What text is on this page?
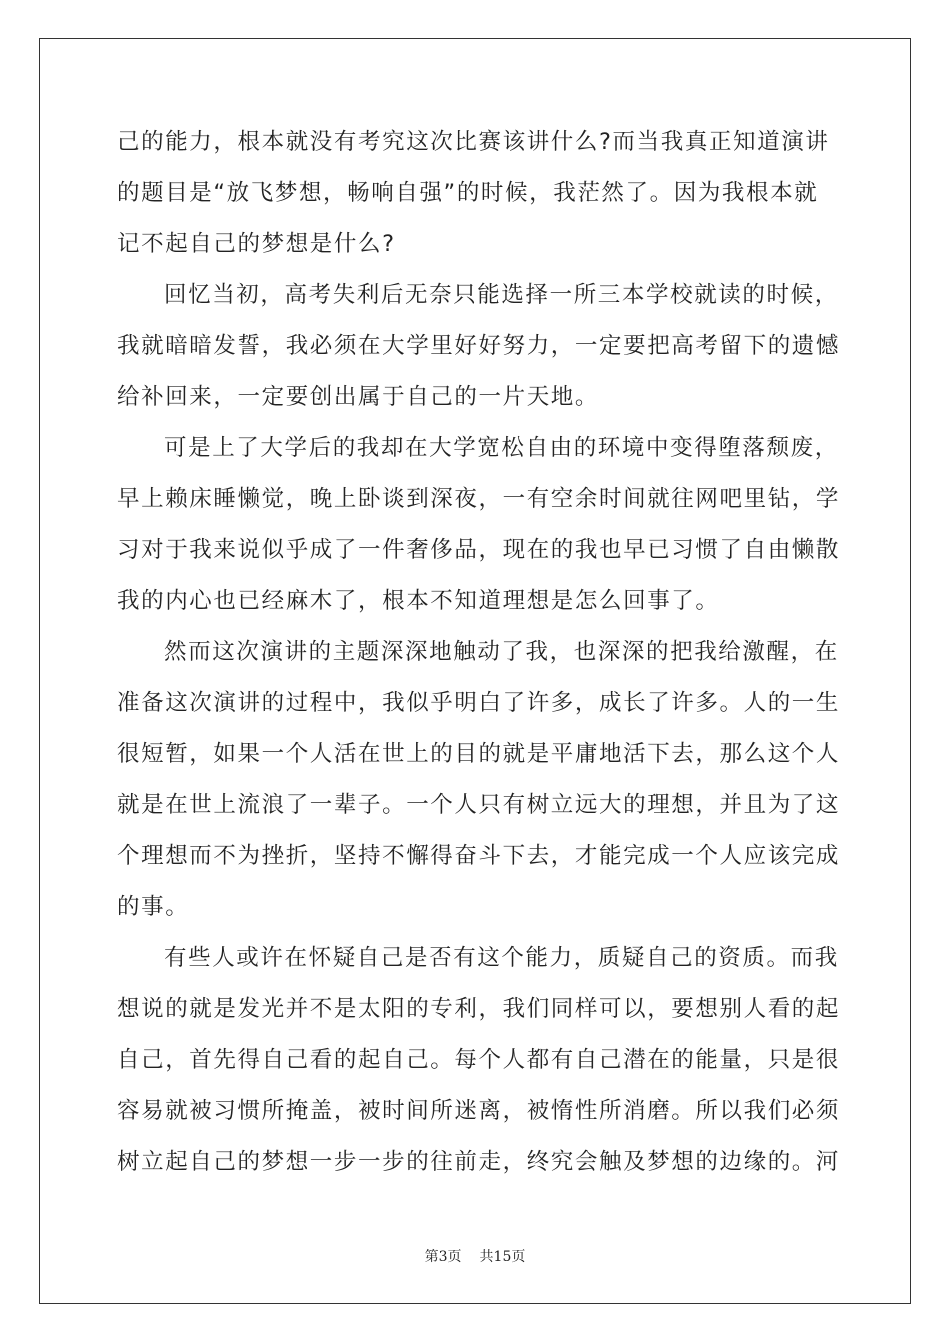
己的能力，根本就没有考究这次比赛该讲什么?而当我真正知道演讲
的题目是“放飞梦想，畅响自强”的时候，我茫然了。因为我根本就
记不起自己的梦想是什么?
回忆当初，高考失利后无奈只能选择一所三本学校就读的时候，
我就暗暗发誓，我必须在大学里好好努力，一定要把高考留下的遗憾
给补回来，一定要创出属于自己的一片天地。
可是上了大学后的我却在大学宽松自由的环境中变得堕落颓废，
早上赖床睡懒觉，晚上卧谈到深夜，一有空余时间就往网吧里钻，学
习对于我来说似乎成了一件奢侈品，现在的我也早已习惯了自由懒散
我的内心也已经麻木了，根本不知道理想是怎么回事了。
然而这次演讲的主题深深地触动了我，也深深的把我给激醒，在
准备这次演讲的过程中，我似乎明白了许多，成长了许多。人的一生
很短暂，如果一个人活在世上的目的就是平庸地活下去，那么这个人
就是在世上流浪了一辈子。一个人只有树立远大的理想，并且为了这
个理想而不为挫折，坚持不懈得奋斗下去，才能完成一个人应该完成
的事。
有些人或许在怀疑自己是否有这个能力，质疑自己的资质。而我
想说的就是发光并不是太阳的专利，我们同样可以，要想别人看的起
自己，首先得自己看的起自己。每个人都有自己潜在的能量，只是很
容易就被习惯所掩盖，被时间所迷离，被惰性所消磨。所以我们必须
树立起自己的梦想一步一步的往前走，终究会触及梦想的边缘的。河
第3页 共15页
